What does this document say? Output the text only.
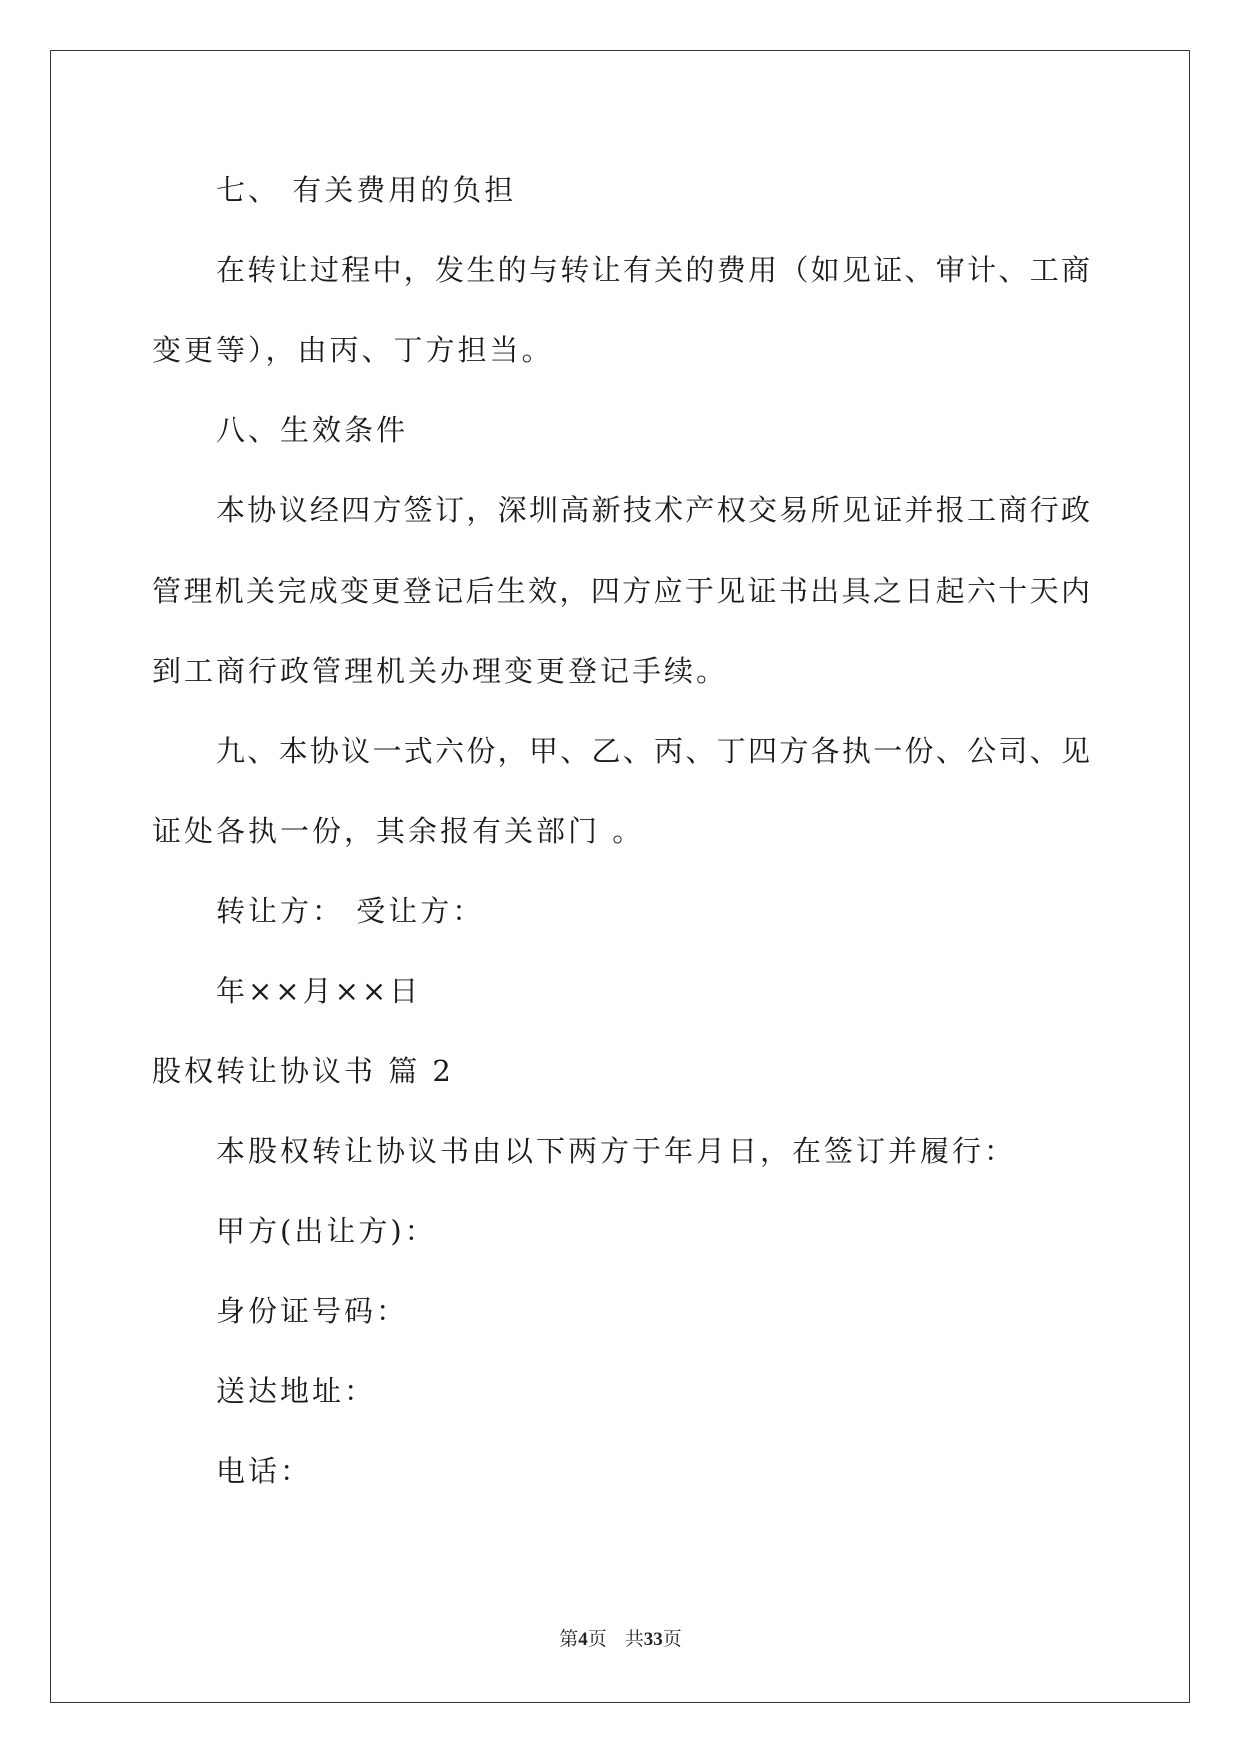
七、 有关费用的负担
在转让过程中，发生的与转让有关的费用（如见证、审计、工商
变更等），由丙、丁方担当。
八、生效条件
本协议经四方签订，深圳高新技术产权交易所见证并报工商行政
管理机关完成变更登记后生效，四方应于见证书出具之日起六十天内
到工商行政管理机关办理变更登记手续。
九、本协议一式六份，甲、乙、丙、丁四方各执一份、公司、见
证处各执一份，其余报有关部门 。
转让方： 受让方：
年××月××日
股权转让协议书 篇 2
本股权转让协议书由以下两方于年月日，在签订并履行：
甲方(出让方)：
身份证号码：
送达地址：
电话：
第4页 共33页
